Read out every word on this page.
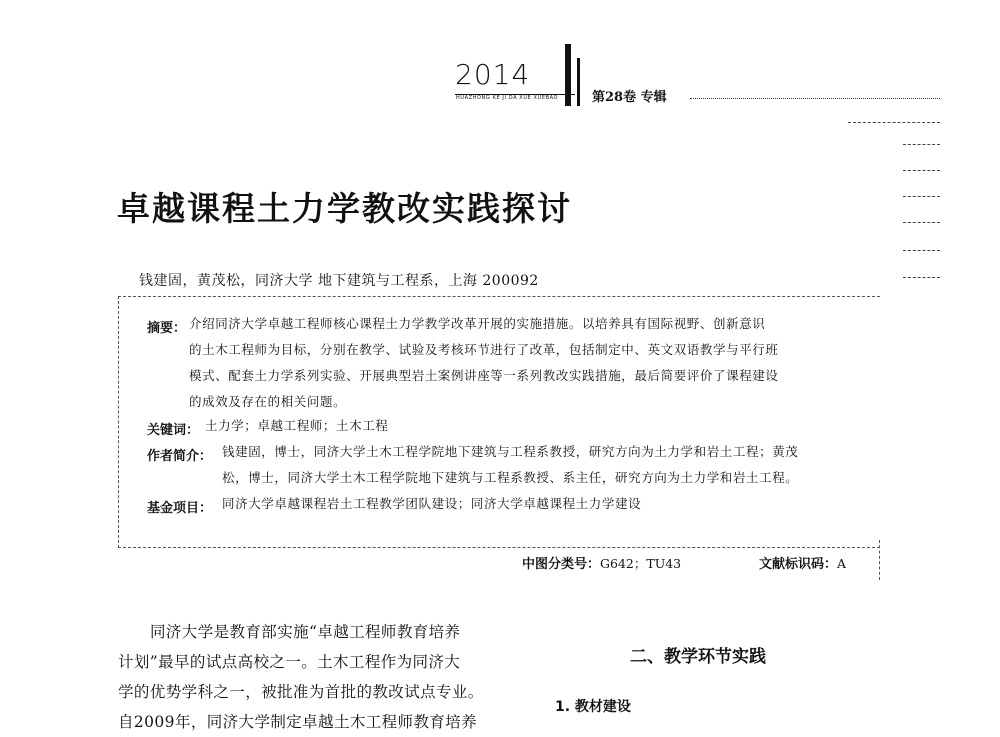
2014
HUAZHONG KE JI DA XUE XUEBAO	第28卷 专辑
卓越课程土力学教改实践探讨
钱建固，黄茂松，同济大学 地下建筑与工程系，上海 200092
摘要： 介绍同济大学卓越工程师核心课程土力学教学改革开展的实施措施。以培养具有国际视野、创新意识
的土木工程师为目标，分别在教学、试验及考核环节进行了改革，包括制定中、英文双语教学与平行班
模式、配套土力学系列实验、开展典型岩土案例讲座等一系列教改实践措施，最后简要评价了课程建设
的成效及存在的相关问题。
关键词： 土力学；卓越工程师；土木工程
作者简介： 钱建固，博士，同济大学土木工程学院地下建筑与工程系教授，研究方向为土力学和岩土工程；黄茂
松，博士，同济大学土木工程学院地下建筑与工程系教授、系主任，研究方向为土力学和岩土工程。
基金项目： 同济大学卓越课程岩土工程教学团队建设；同济大学卓越课程土力学建设
中图分类号：G642；TU43	文献标识码：A
同济大学是教育部实施“卓越工程师教育培养
计划”最早的试点高校之一。土木工程作为同济大
学的优势学科之一，被批准为首批的教改试点专业。
自2009年，同济大学制定卓越土木工程师教育培养
二、教学环节实践
1. 教材建设
